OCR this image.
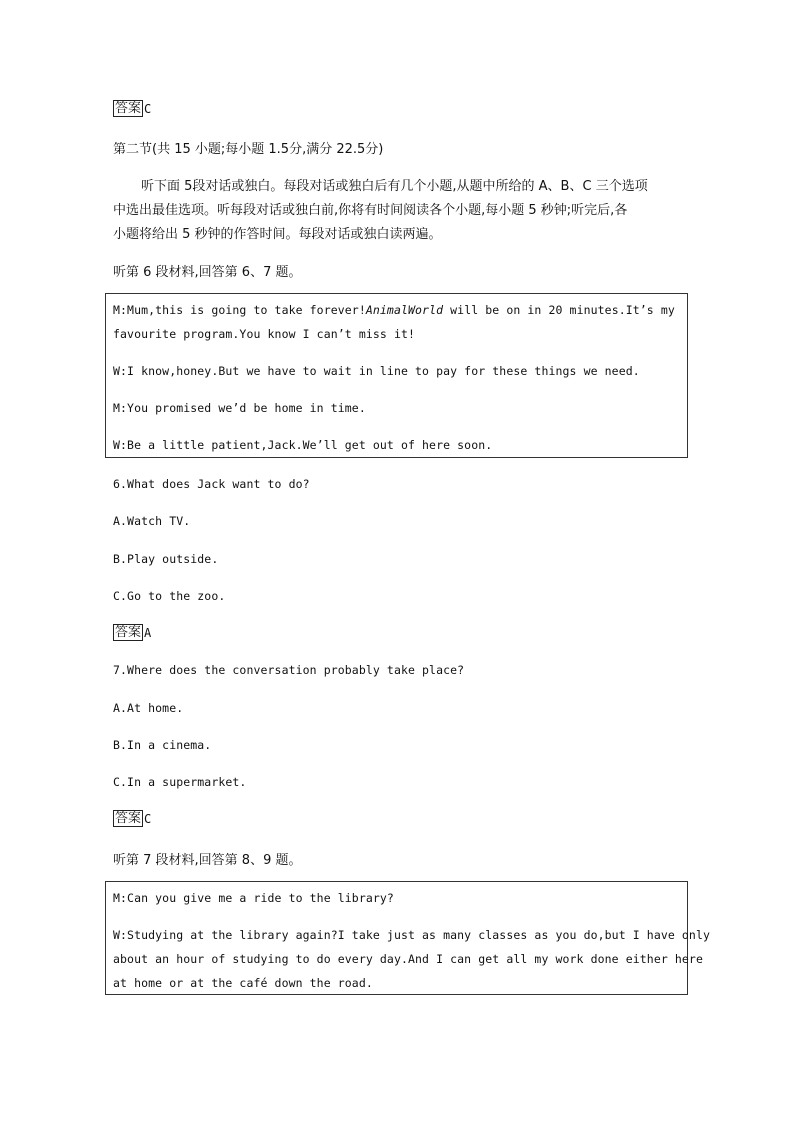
答案 C
第二节(共 15 小题;每小题 1.5分,满分 22.5分)
听下面 5段对话或独白。每段对话或独白后有几个小题,从题中所给的 A、B、C 三个选项
中选出最佳选项。听每段对话或独白前,你将有时间阅读各个小题,每小题 5 秒钟;听完后,各
小题将给出 5 秒钟的作答时间。每段对话或独白读两遍。
听第 6 段材料,回答第 6、7 题。
M:Mum,this is going to take forever!AnimalWorld will be on in 20 minutes.It’s my
favourite program.You know I can’t miss it!
W:I know,honey.But we have to wait in line to pay for these things we need.
M:You promised we’d be home in time.
W:Be a little patient,Jack.We’ll get out of here soon.
6.What does Jack want to do?
A.Watch TV.
B.Play outside.
C.Go to the zoo.
答案 A
7.Where does the conversation probably take place?
A.At home.
B.In a cinema.
C.In a supermarket.
答案 C
听第 7 段材料,回答第 8、9 题。
M:Can you give me a ride to the library?
W:Studying at the library again?I take just as many classes as you do,but I have only
about an hour of studying to do every day.And I can get all my work done either here
at home or at the café down the road.
